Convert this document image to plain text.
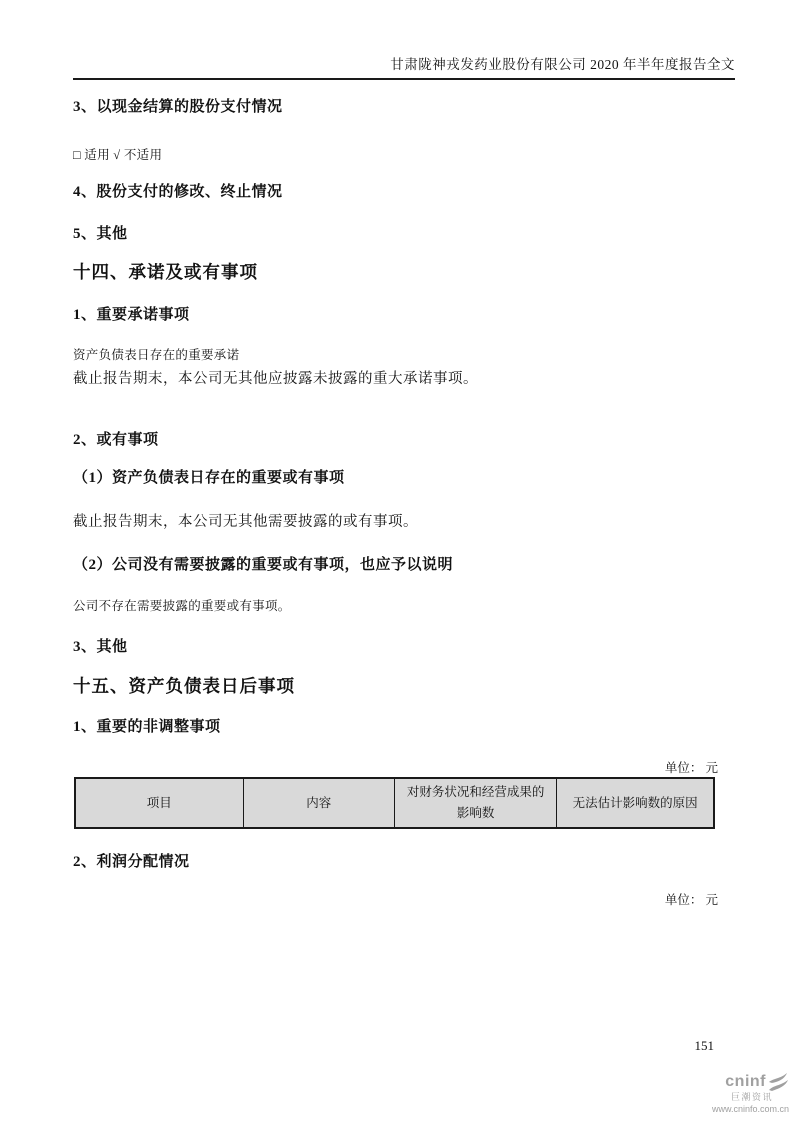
甘肃陇神戎发药业股份有限公司 2020 年半年度报告全文
3、以现金结算的股份支付情况
□ 适用 √ 不适用
4、股份支付的修改、终止情况
5、其他
十四、承诺及或有事项
1、重要承诺事项
资产负债表日存在的重要承诺
截止报告期末，本公司无其他应披露未披露的重大承诺事项。
2、或有事项
（1）资产负债表日存在的重要或有事项
截止报告期末，本公司无其他需要披露的或有事项。
（2）公司没有需要披露的重要或有事项，也应予以说明
公司不存在需要披露的重要或有事项。
3、其他
十五、资产负债表日后事项
1、重要的非调整事项
单位： 元
项目	内容	对财务状况和经营成果的影响数	无法估计影响数的原因
2、利润分配情况
单位： 元
151
cninf
巨潮资讯
www.cninfo.com.cn
